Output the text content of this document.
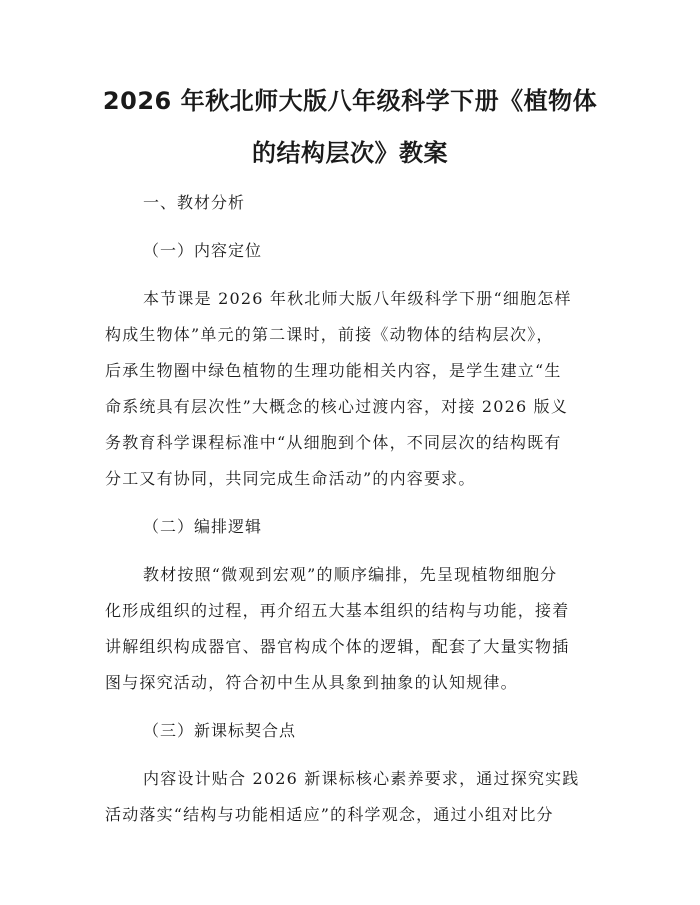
2026 年秋北师大版八年级科学下册《植物体
的结构层次》教案
一、教材分析
（一）内容定位
本节课是 2026 年秋北师大版八年级科学下册“细胞怎样
构成生物体”单元的第二课时，前接《动物体的结构层次》，
后承生物圈中绿色植物的生理功能相关内容，是学生建立“生
命系统具有层次性”大概念的核心过渡内容，对接 2026 版义
务教育科学课程标准中“从细胞到个体，不同层次的结构既有
分工又有协同，共同完成生命活动”的内容要求。
（二）编排逻辑
教材按照“微观到宏观”的顺序编排，先呈现植物细胞分
化形成组织的过程，再介绍五大基本组织的结构与功能，接着
讲解组织构成器官、器官构成个体的逻辑，配套了大量实物插
图与探究活动，符合初中生从具象到抽象的认知规律。
（三）新课标契合点
内容设计贴合 2026 新课标核心素养要求，通过探究实践
活动落实“结构与功能相适应”的科学观念，通过小组对比分
